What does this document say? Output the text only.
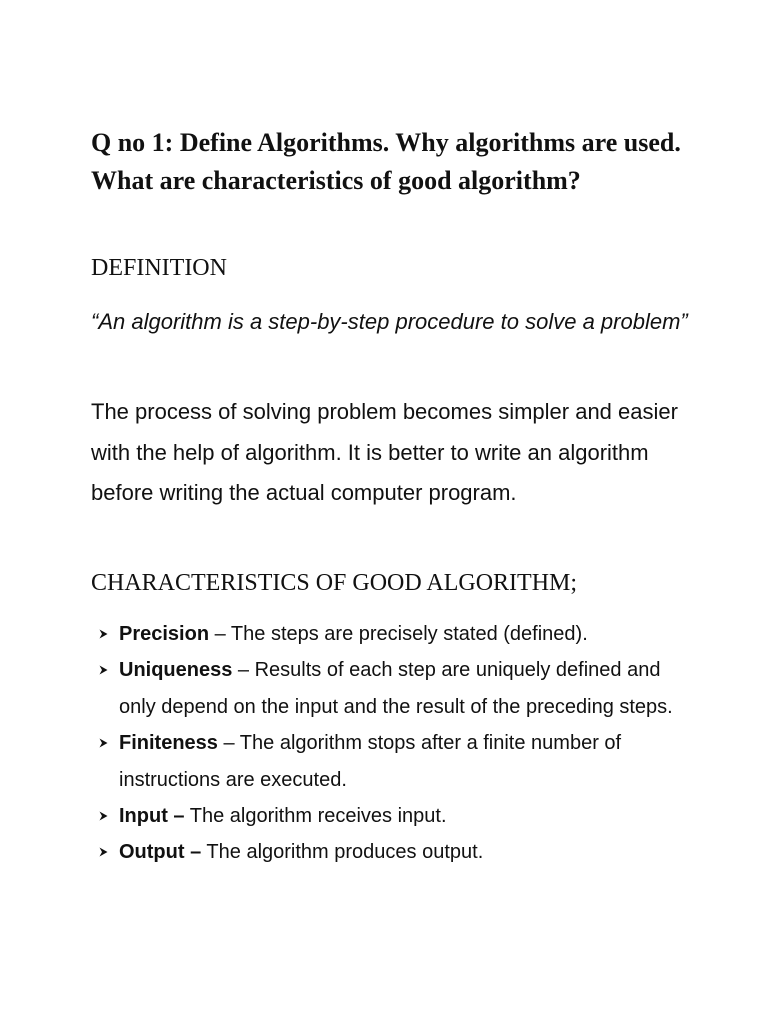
Q no 1: Define Algorithms. Why algorithms are used. What are characteristics of good algorithm?
DEFINITION

“An algorithm is a step-by-step procedure to solve a problem”

The process of solving problem becomes simpler and easier with the help of algorithm. It is better to write an algorithm before writing the actual computer program.

CHARACTERISTICS OF GOOD ALGORITHM;
Precision – The steps are precisely stated (defined).
Uniqueness – Results of each step are uniquely defined and only depend on the input and the result of the preceding steps.
Finiteness – The algorithm stops after a finite number of instructions are executed.
Input – The algorithm receives input.
Output – The algorithm produces output.
